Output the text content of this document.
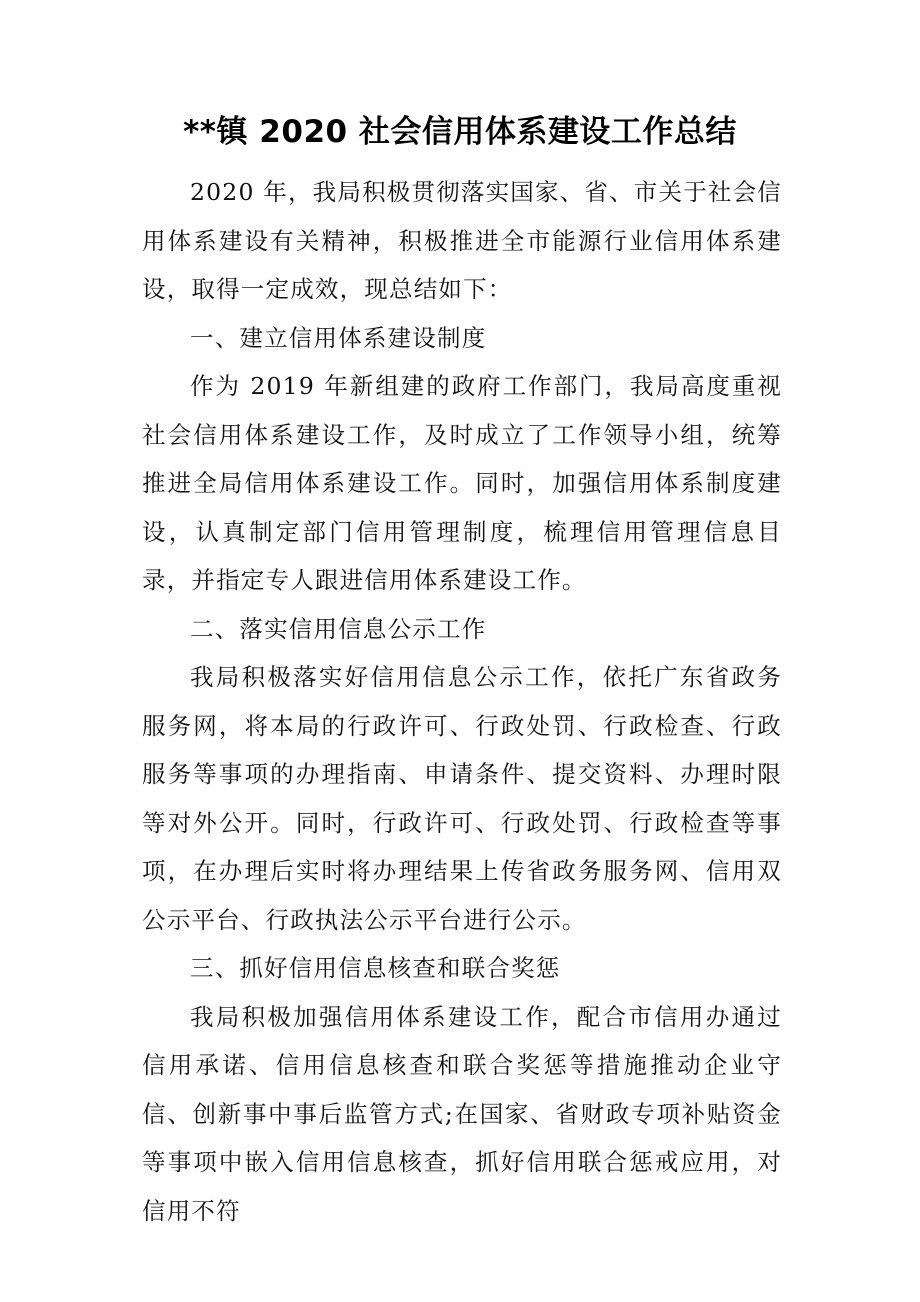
**镇 2020 社会信用体系建设工作总结

2020 年，我局积极贯彻落实国家、省、市关于社会信用体系建设有关精神，积极推进全市能源行业信用体系建设，取得一定成效，现总结如下：

一、建立信用体系建设制度

作为 2019 年新组建的政府工作部门，我局高度重视社会信用体系建设工作，及时成立了工作领导小组，统筹推进全局信用体系建设工作。同时，加强信用体系制度建设，认真制定部门信用管理制度，梳理信用管理信息目录，并指定专人跟进信用体系建设工作。

二、落实信用信息公示工作

我局积极落实好信用信息公示工作，依托广东省政务服务网，将本局的行政许可、行政处罚、行政检查、行政服务等事项的办理指南、申请条件、提交资料、办理时限等对外公开。同时，行政许可、行政处罚、行政检查等事项，在办理后实时将办理结果上传省政务服务网、信用双公示平台、行政执法公示平台进行公示。

三、抓好信用信息核查和联合奖惩

我局积极加强信用体系建设工作，配合市信用办通过信用承诺、信用信息核查和联合奖惩等措施推动企业守信、创新事中事后监管方式;在国家、省财政专项补贴资金等事项中嵌入信用信息核查，抓好信用联合惩戒应用，对信用不符
